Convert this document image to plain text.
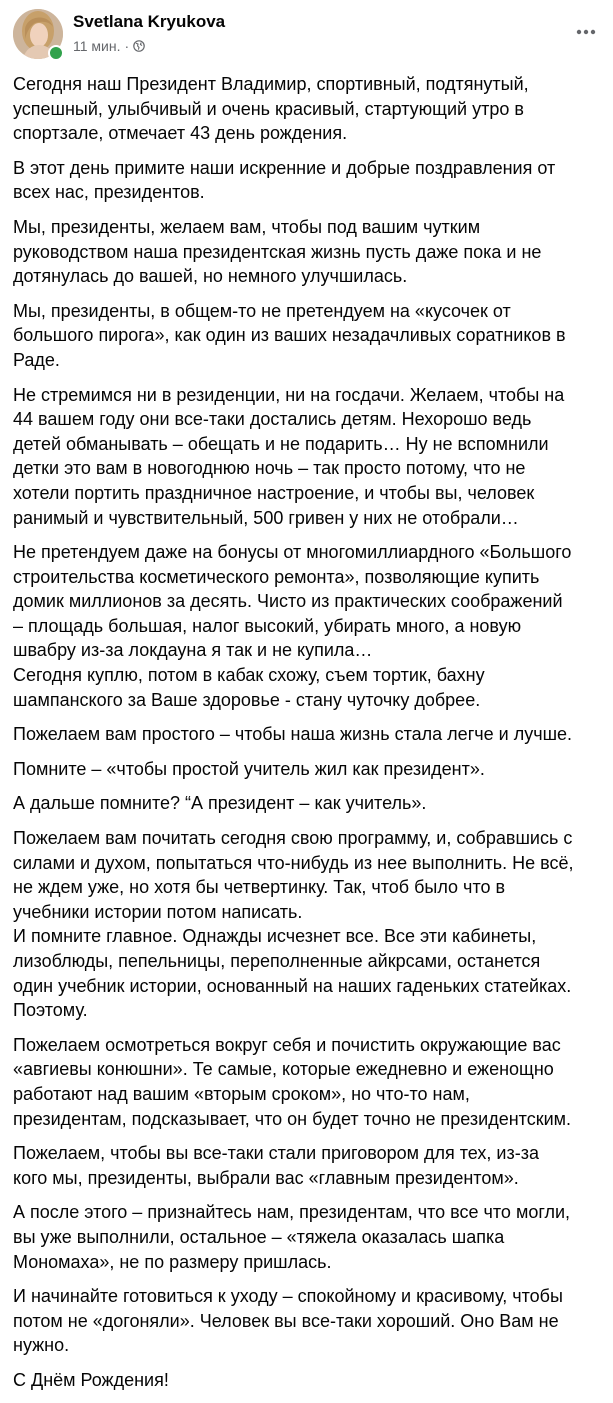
Svetlana Kryukova
11 мин. ·

Сегодня наш Президент Владимир, спортивный, подтянутый,
успешный, улыбчивый и очень красивый, стартующий утро в
спортзале, отмечает 43 день рождения.

В этот день примите наши искренние и добрые поздравления от
всех нас, президентов.

Мы, президенты, желаем вам, чтобы под вашим чутким
руководством наша президентская жизнь пусть даже пока и не
дотянулась до вашей, но немного улучшилась.

Мы, президенты, в общем-то не претендуем на «кусочек от
большого пирога», как один из ваших незадачливых соратников в
Раде.

Не стремимся ни в резиденции, ни на госдачи. Желаем, чтобы на
44 вашем году они все-таки достались детям. Нехорошо ведь
детей обманывать – обещать и не подарить… Ну не вспомнили
детки это вам в новогоднюю ночь – так просто потому, что не
хотели портить праздничное настроение, и чтобы вы, человек
ранимый и чувствительный, 500 гривен у них не отобрали…

Не претендуем даже на бонусы от многомиллиардного «Большого
строительства косметического ремонта», позволяющие купить
домик миллионов за десять. Чисто из практических соображений
– площадь большая, налог высокий, убирать много, а новую
швабру из-за локдауна я так и не купила…
Сегодня куплю, потом в кабак схожу, съем тортик, бахну
шампанского за Ваше здоровье - стану чуточку добрее.

Пожелаем вам простого – чтобы наша жизнь стала легче и лучше.

Помните – «чтобы простой учитель жил как президент».

А дальше помните? “А президент – как учитель».

Пожелаем вам почитать сегодня свою программу, и, собравшись с
силами и духом, попытаться что-нибудь из нее выполнить. Не всё,
не ждем уже, но хотя бы четвертинку. Так, чтоб было что в
учебники истории потом написать.
И помните главное. Однажды исчезнет все. Все эти кабинеты,
лизоблюды, пепельницы, переполненные айкрсами, останется
один учебник истории, основанный на наших гаденьких статейках.
Поэтому.

Пожелаем осмотреться вокруг себя и почистить окружающие вас
«авгиевы конюшни». Те самые, которые ежедневно и еженощно
работают над вашим «вторым сроком», но что-то нам,
президентам, подсказывает, что он будет точно не президентским.

Пожелаем, чтобы вы все-таки стали приговором для тех, из-за
кого мы, президенты, выбрали вас «главным президентом».

А после этого – признайтесь нам, президентам, что все что могли,
вы уже выполнили, остальное – «тяжела оказалась шапка
Мономаха», не по размеру пришлась.

И начинайте готовиться к уходу – спокойному и красивому, чтобы
потом не «догоняли». Человек вы все-таки хороший. Оно Вам не
нужно.

С Днём Рождения!
